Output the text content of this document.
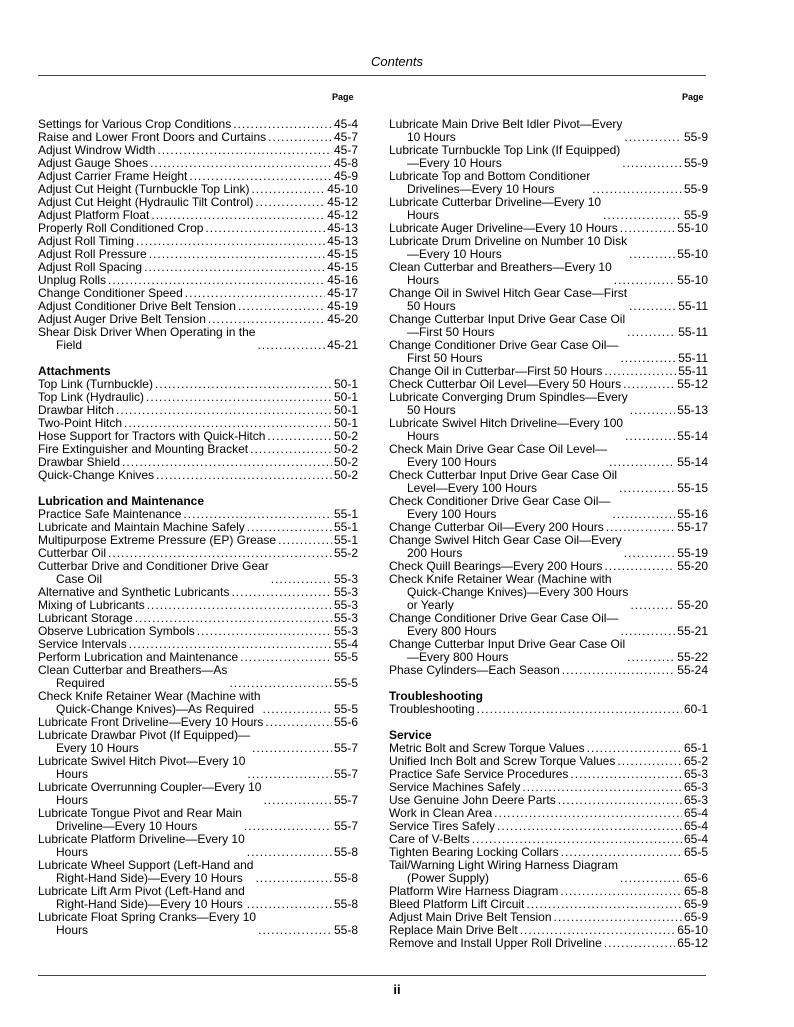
Contents
Page	Page
Settings for Various Crop Conditions .....	45-4
Raise and Lower Front Doors and Curtains .....	45-7
Adjust Windrow Width .....	45-7
Adjust Gauge Shoes .....	45-8
Adjust Carrier Frame Height .....	45-9
Adjust Cut Height (Turnbuckle Top Link) .....	45-10
Adjust Cut Height (Hydraulic Tilt Control) .....	45-12
Adjust Platform Float .....	45-12
Properly Roll Conditioned Crop .....	45-13
Adjust Roll Timing .....	45-13
Adjust Roll Pressure .....	45-15
Adjust Roll Spacing .....	45-15
Unplug Rolls .....	45-16
Change Conditioner Speed .....	45-17
Adjust Conditioner Drive Belt Tension .....	45-19
Adjust Auger Drive Belt Tension .....	45-20
Shear Disk Driver When Operating in the
Field .....	45-21
Attachments
Top Link (Turnbuckle) .....	50-1
Top Link (Hydraulic) .....	50-1
Drawbar Hitch .....	50-1
Two-Point Hitch .....	50-1
Hose Support for Tractors with Quick-Hitch .....	50-2
Fire Extinguisher and Mounting Bracket .....	50-2
Drawbar Shield .....	50-2
Quick-Change Knives .....	50-2
Lubrication and Maintenance
Practice Safe Maintenance .....	55-1
Lubricate and Maintain Machine Safely .....	55-1
Multipurpose Extreme Pressure (EP) Grease .....	55-1
Cutterbar Oil .....	55-2
Cutterbar Drive and Conditioner Drive Gear
Case Oil .....	55-3
Alternative and Synthetic Lubricants .....	55-3
Mixing of Lubricants .....	55-3
Lubricant Storage .....	55-3
Observe Lubrication Symbols .....	55-3
Service Intervals .....	55-4
Perform Lubrication and Maintenance .....	55-5
Clean Cutterbar and Breathers—As
Required .....	55-5
Check Knife Retainer Wear (Machine with
Quick-Change Knives)—As Required .....	55-5
Lubricate Front Driveline—Every 10 Hours .....	55-6
Lubricate Drawbar Pivot (If Equipped)—
Every 10 Hours .....	55-7
Lubricate Swivel Hitch Pivot—Every 10
Hours .....	55-7
Lubricate Overrunning Coupler—Every 10
Hours .....	55-7
Lubricate Tongue Pivot and Rear Main
Driveline—Every 10 Hours .....	55-7
Lubricate Platform Driveline—Every 10
Hours .....	55-8
Lubricate Wheel Support (Left-Hand and
Right-Hand Side)—Every 10 Hours .....	55-8
Lubricate Lift Arm Pivot (Left-Hand and
Right-Hand Side)—Every 10 Hours .....	55-8
Lubricate Float Spring Cranks—Every 10
Hours .....	55-8
Lubricate Main Drive Belt Idler Pivot—Every
10 Hours .....	55-9
Lubricate Turnbuckle Top Link (If Equipped)
—Every 10 Hours .....	55-9
Lubricate Top and Bottom Conditioner
Drivelines—Every 10 Hours .....	55-9
Lubricate Cutterbar Driveline—Every 10
Hours .....	55-9
Lubricate Auger Driveline—Every 10 Hours .....	55-10
Lubricate Drum Driveline on Number 10 Disk
—Every 10 Hours .....	55-10
Clean Cutterbar and Breathers—Every 10
Hours .....	55-10
Change Oil in Swivel Hitch Gear Case—First
50 Hours .....	55-11
Change Cutterbar Input Drive Gear Case Oil
—First 50 Hours .....	55-11
Change Conditioner Drive Gear Case Oil—
First 50 Hours .....	55-11
Change Oil in Cutterbar—First 50 Hours .....	55-11
Check Cutterbar Oil Level—Every 50 Hours .....	55-12
Lubricate Converging Drum Spindles—Every
50 Hours .....	55-13
Lubricate Swivel Hitch Driveline—Every 100
Hours .....	55-14
Check Main Drive Gear Case Oil Level—
Every 100 Hours .....	55-14
Check Cutterbar Input Drive Gear Case Oil
Level—Every 100 Hours .....	55-15
Check Conditioner Drive Gear Case Oil—
Every 100 Hours .....	55-16
Change Cutterbar Oil—Every 200 Hours .....	55-17
Change Swivel Hitch Gear Case Oil—Every
200 Hours .....	55-19
Check Quill Bearings—Every 200 Hours .....	55-20
Check Knife Retainer Wear (Machine with
Quick-Change Knives)—Every 300 Hours
or Yearly .....	55-20
Change Conditioner Drive Gear Case Oil—
Every 800 Hours .....	55-21
Change Cutterbar Input Drive Gear Case Oil
—Every 800 Hours .....	55-22
Phase Cylinders—Each Season .....	55-24
Troubleshooting
Troubleshooting .....	60-1
Service
Metric Bolt and Screw Torque Values .....	65-1
Unified Inch Bolt and Screw Torque Values .....	65-2
Practice Safe Service Procedures .....	65-3
Service Machines Safely .....	65-3
Use Genuine John Deere Parts .....	65-3
Work in Clean Area .....	65-4
Service Tires Safely .....	65-4
Care of V-Belts .....	65-4
Tighten Bearing Locking Collars .....	65-5
Tail/Warning Light Wiring Harness Diagram
(Power Supply) .....	65-6
Platform Wire Harness Diagram .....	65-8
Bleed Platform Lift Circuit .....	65-9
Adjust Main Drive Belt Tension .....	65-9
Replace Main Drive Belt .....	65-10
Remove and Install Upper Roll Driveline .....	65-12
ii
